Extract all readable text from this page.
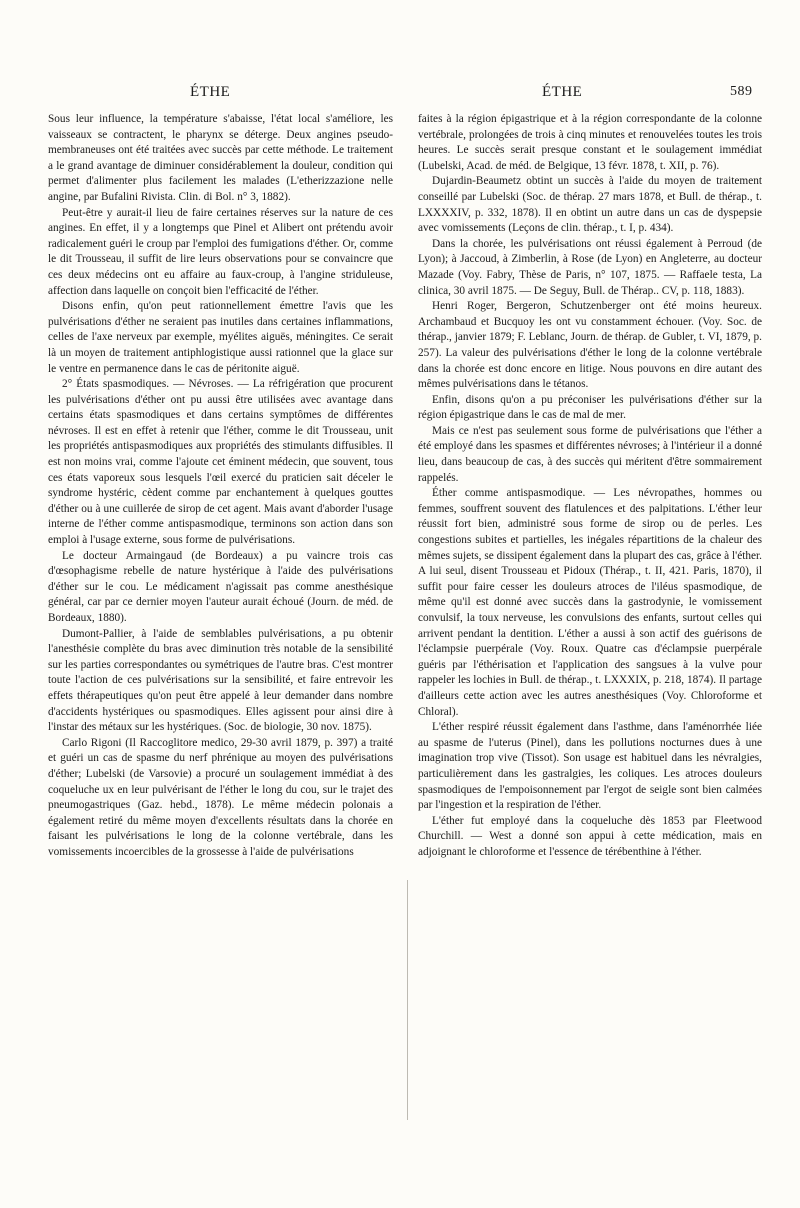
ÉTHE	ÉTHE	589

Sous leur influence, la température s'abaisse, l'état local s'améliore, les vaisseaux se contractent, le pharynx se déterge. Deux angines pseudo-membraneuses ont été traitées avec succès par cette méthode. Le traitement a le grand avantage de diminuer considérablement la douleur, condition qui permet d'alimenter plus facilement les malades (L'etherizzazione nelle angine, par Bufalini Rivista. Clin. di Bol. n° 3, 1882).

Peut-être y aurait-il lieu de faire certaines réserves sur la nature de ces angines. En effet, il y a longtemps que Pinel et Alibert ont prétendu avoir radicalement guéri le croup par l'emploi des fumigations d'éther. Or, comme le dit Trousseau, il suffit de lire leurs observations pour se convaincre que ces deux médecins ont eu affaire au faux-croup, à l'angine striduleuse, affection dans laquelle on conçoit bien l'efficacité de l'éther.

Disons enfin, qu'on peut rationnellement émettre l'avis que les pulvérisations d'éther ne seraient pas inutiles dans certaines inflammations, celles de l'axe nerveux par exemple, myélites aiguës, méningites. Ce serait là un moyen de traitement antiphlogistique aussi rationnel que la glace sur le ventre en permanence dans le cas de péritonite aiguë.

2° États spasmodiques. — Névroses. — La réfrigération que procurent les pulvérisations d'éther ont pu aussi être utilisées avec avantage dans certains états spasmodiques et dans certains symptômes de différentes névroses. Il est en effet à retenir que l'éther, comme le dit Trousseau, unit les propriétés antispasmodiques aux propriétés des stimulants diffusibles. Il est non moins vrai, comme l'ajoute cet éminent médecin, que souvent, tous ces états vaporeux sous lesquels l'œil exercé du praticien sait déceler le syndrome hystéric, cèdent comme par enchantement à quelques gouttes d'éther ou à une cuillerée de sirop de cet agent. Mais avant d'aborder l'usage interne de l'éther comme antispasmodique, terminons son action dans son emploi à l'usage externe, sous forme de pulvérisations.

Le docteur Armaingaud (de Bordeaux) a pu vaincre trois cas d'œsophagisme rebelle de nature hystérique à l'aide des pulvérisations d'éther sur le cou. Le médicament n'agissait pas comme anesthésique général, car par ce dernier moyen l'auteur aurait échoué (Journ. de méd. de Bordeaux, 1880).

Dumont-Pallier, à l'aide de semblables pulvérisations, a pu obtenir l'anesthésie complète du bras avec diminution très notable de la sensibilité sur les parties correspondantes ou symétriques de l'autre bras. C'est montrer toute l'action de ces pulvérisations sur la sensibilité, et faire entrevoir les effets thérapeutiques qu'on peut être appelé à leur demander dans nombre d'accidents hystériques ou spasmodiques. Elles agissent pour ainsi dire à l'instar des métaux sur les hystériques. (Soc. de biologie, 30 nov. 1875).

Carlo Rigoni (Il Raccoglitore medico, 29-30 avril 1879, p. 397) a traité et guéri un cas de spasme du nerf phrénique au moyen des pulvérisations d'éther; Lubelski (de Varsovie) a procuré un soulagement immédiat à des coqueluche ux en leur pulvérisant de l'éther le long du cou, sur le trajet des pneumogastriques (Gaz. hebd., 1878). Le même médecin polonais a également retiré du même moyen d'excellents résultats dans la chorée en faisant les pulvérisations le long de la colonne vertébrale, dans les vomissements incoercibles de la grossesse à l'aide de pulvérisations

faites à la région épigastrique et à la région correspondante de la colonne vertébrale, prolongées de trois à cinq minutes et renouvelées toutes les trois heures. Le succès serait presque constant et le soulagement immédiat (Lubelski, Acad. de méd. de Belgique, 13 févr. 1878, t. XII, p. 76).

Dujardin-Beaumetz obtint un succès à l'aide du moyen de traitement conseillé par Lubelski (Soc. de thérap. 27 mars 1878, et Bull. de thérap., t. LXXXXIV, p. 332, 1878). Il en obtint un autre dans un cas de dyspepsie avec vomissements (Leçons de clin. thérap., t. I, p. 434).

Dans la chorée, les pulvérisations ont réussi également à Perroud (de Lyon); à Jaccoud, à Zimberlin, à Rose (de Lyon) en Angleterre, au docteur Mazade (Voy. Fabry, Thèse de Paris, n° 107, 1875. — Raffaele testa, La clinica, 30 avril 1875. — De Seguy, Bull. de Thérap.. CV, p. 118, 1883).

Henri Roger, Bergeron, Schutzenberger ont été moins heureux. Archambaud et Bucquoy les ont vu constamment échouer. (Voy. Soc. de thérap., janvier 1879; F. Leblanc, Journ. de thérap. de Gubler, t. VI, 1879, p. 257). La valeur des pulvérisations d'éther le long de la colonne vertébrale dans la chorée est donc encore en litige. Nous pouvons en dire autant des mêmes pulvérisations dans le tétanos.

Enfin, disons qu'on a pu préconiser les pulvérisations d'éther sur la région épigastrique dans le cas de mal de mer.

Mais ce n'est pas seulement sous forme de pulvérisations que l'éther a été employé dans les spasmes et différentes névroses; à l'intérieur il a donné lieu, dans beaucoup de cas, à des succès qui méritent d'être sommairement rappelés.

Éther comme antispasmodique. — Les névropathes, hommes ou femmes, souffrent souvent des flatulences et des palpitations. L'éther leur réussit fort bien, administré sous forme de sirop ou de perles. Les congestions subites et partielles, les inégales répartitions de la chaleur des mêmes sujets, se dissipent également dans la plupart des cas, grâce à l'éther. A lui seul, disent Trousseau et Pidoux (Thérap., t. II, 421. Paris, 1870), il suffit pour faire cesser les douleurs atroces de l'iléus spasmodique, de même qu'il est donné avec succès dans la gastrodynie, le vomissement convulsif, la toux nerveuse, les convulsions des enfants, surtout celles qui arrivent pendant la dentition. L'éther a aussi à son actif des guérisons de l'éclampsie puerpérale (Voy. Roux. Quatre cas d'éclampsie puerpérale guéris par l'éthérisation et l'application des sangsues à la vulve pour rappeler les lochies in Bull. de thérap., t. LXXXIX, p. 218, 1874). Il partage d'ailleurs cette action avec les autres anesthésiques (Voy. Chloroforme et Chloral).

L'éther respiré réussit également dans l'asthme, dans l'aménorrhée liée au spasme de l'uterus (Pinel), dans les pollutions nocturnes dues à une imagination trop vive (Tissot). Son usage est habituel dans les névralgies, particulièrement dans les gastralgies, les coliques. Les atroces douleurs spasmodiques de l'empoisonnement par l'ergot de seigle sont bien calmées par l'ingestion et la respiration de l'éther.

L'éther fut employé dans la coqueluche dès 1853 par Fleetwood Churchill. — West a donné son appui à cette médication, mais en adjoignant le chloroforme et l'essence de térébenthine à l'éther.
